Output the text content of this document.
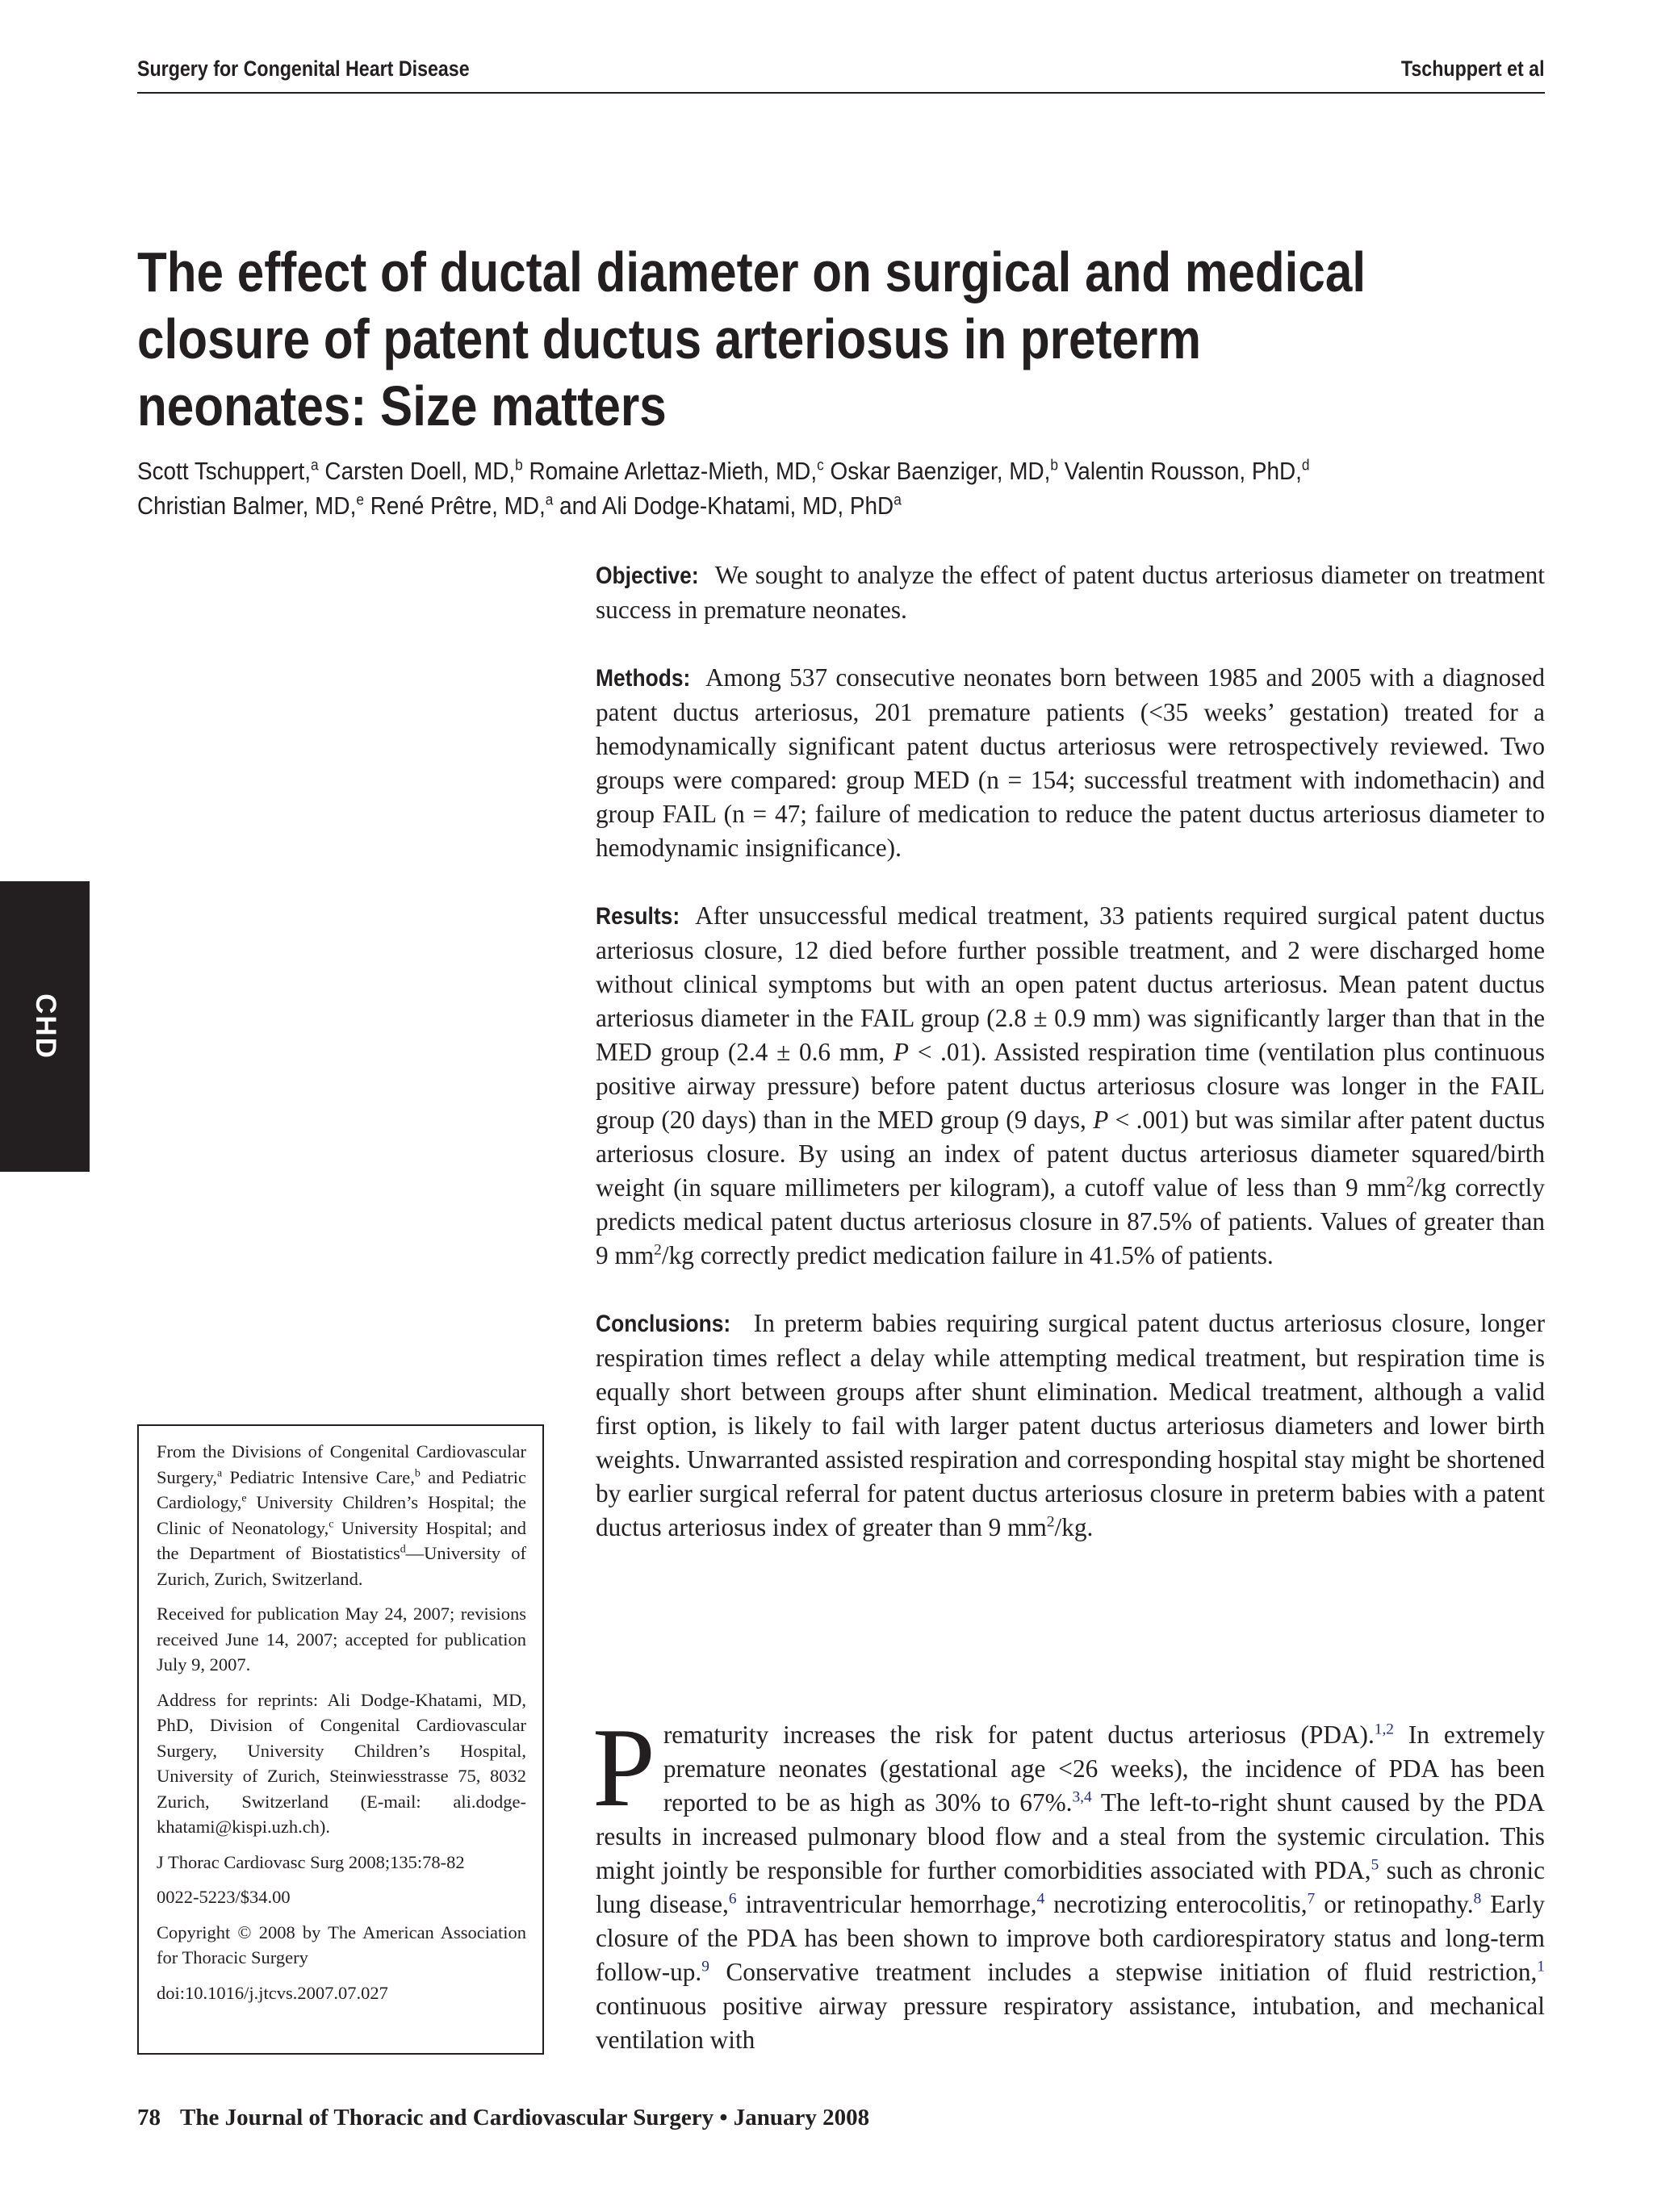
Surgery for Congenital Heart Disease	Tschuppert et al
The effect of ductal diameter on surgical and medical
closure of patent ductus arteriosus in preterm
neonates: Size matters
Scott Tschuppert,$^a$ Carsten Doell, MD,$^b$ Romaine Arlettaz-Mieth, MD,$^c$ Oskar Baenziger, MD,$^b$ Valentin Rousson, PhD,$^d$
Christian Balmer, MD,$^e$ René Prêtre, MD,$^a$ and Ali Dodge-Khatami, MD, PhD$^a$

Objective: We sought to analyze the effect of patent ductus arteriosus diameter on treatment success in premature neonates.

Methods: Among 537 consecutive neonates born between 1985 and 2005 with a diagnosed patent ductus arteriosus, 201 premature patients (<35 weeks’ gestation) treated for a hemodynamically significant patent ductus arteriosus were retrospectively reviewed. Two groups were compared: group MED (n = 154; successful treatment with indomethacin) and group FAIL (n = 47; failure of medication to reduce the patent ductus arteriosus diameter to hemodynamic insignificance).

Results: After unsuccessful medical treatment, 33 patients required surgical patent ductus arteriosus closure, 12 died before further possible treatment, and 2 were discharged home without clinical symptoms but with an open patent ductus arteriosus. Mean patent ductus arteriosus diameter in the FAIL group (2.8 ± 0.9 mm) was significantly larger than that in the MED group (2.4 ± 0.6 mm, P < .01). Assisted respiration time (ventilation plus continuous positive airway pressure) before patent ductus arteriosus closure was longer in the FAIL group (20 days) than in the MED group (9 days, P < .001) but was similar after patent ductus arteriosus closure. By using an index of patent ductus arteriosus diameter squared/birth weight (in square millimeters per kilogram), a cutoff value of less than 9 $mm^2/kg$ correctly predicts medical patent ductus arteriosus closure in 87.5% of patients. Values of greater than 9 $mm^2/kg$ correctly predict medication failure in 41.5% of patients.

Conclusions: In preterm babies requiring surgical patent ductus arteriosus closure, longer respiration times reflect a delay while attempting medical treatment, but respiration time is equally short between groups after shunt elimination. Medical treatment, although a valid first option, is likely to fail with larger patent ductus arteriosus diameters and lower birth weights. Unwarranted assisted respiration and corresponding hospital stay might be shortened by earlier surgical referral for patent ductus arteriosus closure in preterm babies with a patent ductus arteriosus index of greater than 9 $mm^2/kg$.

CHD

From the Divisions of Congenital Cardiovascular Surgery,$^a$ Pediatric Intensive Care,$^b$ and Pediatric Cardiology,$^e$ University Children’s Hospital; the Clinic of Neonatology,$^c$ University Hospital; and the Department of Biostatistics$^d$—University of Zurich, Zurich, Switzerland.

Received for publication May 24, 2007; revisions received June 14, 2007; accepted for publication July 9, 2007.

Address for reprints: Ali Dodge-Khatami, MD, PhD, Division of Congenital Cardiovascular Surgery, University Children’s Hospital, University of Zurich, Steinwiesstrasse 75, 8032 Zurich, Switzerland (E-mail: ali.dodge-khatami@kispi.uzh.ch).

J Thorac Cardiovasc Surg 2008;135:78-82

0022-5223/$34.00

Copyright © 2008 by The American Association for Thoracic Surgery

doi:10.1016/j.jtcvs.2007.07.027

Prematurity increases the risk for patent ductus arteriosus (PDA).$^{1,2}$ In extremely premature neonates (gestational age <26 weeks), the incidence of PDA has been reported to be as high as 30% to 67%.$^{3,4}$ The left-to-right shunt caused by the PDA results in increased pulmonary blood flow and a steal from the systemic circulation. This might jointly be responsible for further comorbidities associated with PDA,$^5$ such as chronic lung disease,$^6$ intraventricular hemorrhage,$^4$ necrotizing enterocolitis,$^7$ or retinopathy.$^8$ Early closure of the PDA has been shown to improve both cardiorespiratory status and long-term follow-up.$^9$ Conservative treatment includes a stepwise initiation of fluid restriction,$^1$ continuous positive airway pressure respiratory assistance, intubation, and mechanical ventilation with
78 The Journal of Thoracic and Cardiovascular Surgery • January 2008
